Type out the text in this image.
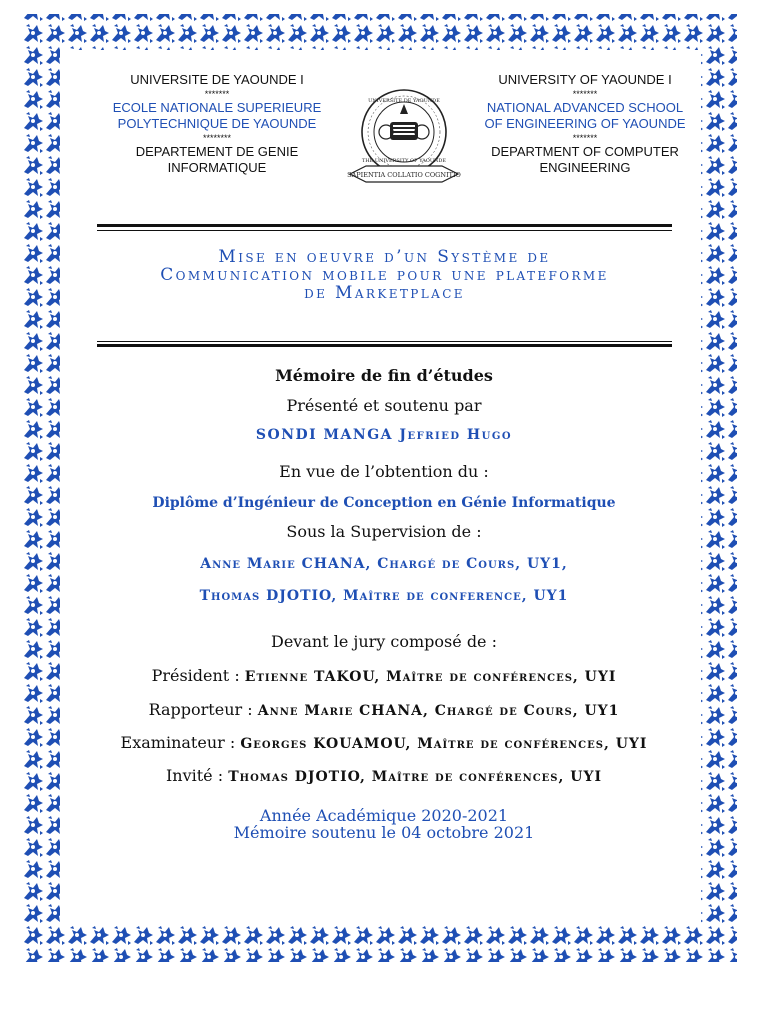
UNIVERSITE DE YAOUNDE I
*******
ECOLE NATIONALE SUPERIEURE
POLYTECHNIQUE DE YAOUNDE
********
DEPARTEMENT DE GENIE
INFORMATIQUE	SAPIENTIA COLLATIO COGNITIO
UNIVERSITE DE YAOUNDE
THE UNIVERSITY OF YAOUNDE
UNIVERSITY OF YAOUNDE I
*******
NATIONAL ADVANCED SCHOOL
OF ENGINEERING OF YAOUNDE
*******
DEPARTMENT OF COMPUTER
ENGINEERING
Mise en oeuvre d’un Système de
Communication mobile pour une plateforme
de Marketplace
Mémoire de fin d’études
Présenté et soutenu par
SONDI MANGA Jefried Hugo
En vue de l’obtention du :
Diplôme d’Ingénieur de Conception en Génie Informatique
Sous la Supervision de :
Anne Marie CHANA, Chargé de Cours, UY1,
Thomas DJOTIO, Maître de conference, UY1
Devant le jury composé de :
Président : Etienne TAKOU, Maître de conférences, UYI
Rapporteur : Anne Marie CHANA, Chargé de Cours, UY1
Examinateur : Georges KOUAMOU, Maître de conférences, UYI
Invité : Thomas DJOTIO, Maître de conférences, UYI
Année Académique 2020-2021
Mémoire soutenu le 04 octobre 2021
